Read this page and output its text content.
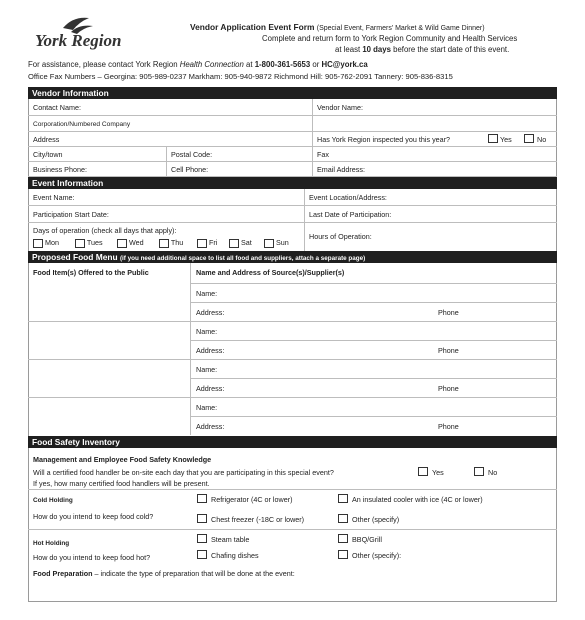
York Region
Vendor Application Event Form (Special Event, Farmers' Market & Wild Game Dinner)
Complete and return form to York Region Community and Health Services
at least 10 days before the start date of this event.
For assistance, please contact York Region Health Connection at 1-800-361-5653 or HC@york.ca
Office Fax Numbers – Georgina: 905-989-0237 Markham: 905-940-9872 Richmond Hill: 905-762-2091 Tannery: 905-836-8315
Vendor Information
Contact Name:	Vendor Name:
Corporation/Numbered Company
Address	Has York Region inspected you this year?	Yes	No
City/town	Postal Code:	Fax
Business Phone:	Cell Phone:	Email Address:
Event Information
Event Name:	Event Location/Address:
Participation Start Date:	Last Date of Participation:
Days of operation (check all days that apply):
Hours of Operation:
Mon	Tues	Wed	Thu	Fri	Sat	Sun
Proposed Food Menu (if you need additional space to list all food and suppliers, attach a separate page)
Food Item(s) Offered to the Public	Name and Address of Source(s)/Supplier(s)
Name:
Address:	Phone
Name:
Address:	Phone
Name:
Address:	Phone
Name:
Address:	Phone
Food Safety Inventory
Management and Employee Food Safety Knowledge
Will a certified food handler be on-site each day that you are participating in this special event?	Yes	No
If yes, how many certified food handlers will be present.
Cold Holding
How do you intend to keep food cold?
Refrigerator (4C or lower)	An insulated cooler with ice (4C or lower)
Chest freezer (-18C or lower)	Other (specify)
Hot Holding
How do you intend to keep food hot?
Steam table	BBQ/Grill
Chafing dishes	Other (specify):
Food Preparation – indicate the type of preparation that will be done at the event:
